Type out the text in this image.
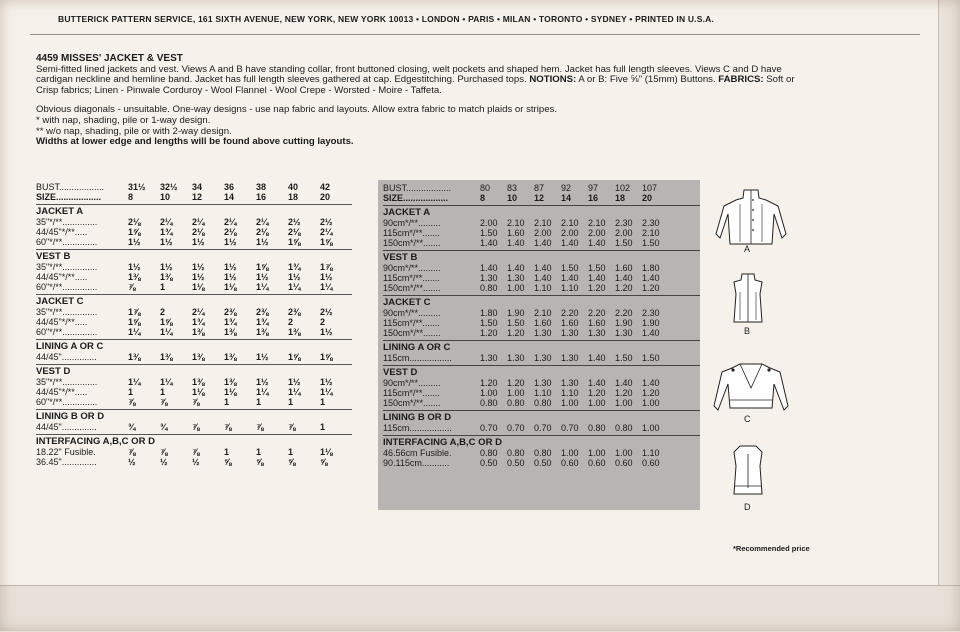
BUTTERICK PATTERN SERVICE, 161 SIXTH AVENUE, NEW YORK, NEW YORK 10013 • LONDON • PARIS • MILAN • TORONTO • SYDNEY • PRINTED IN U.S.A.

4459 MISSES' JACKET & VEST

Semi-fitted lined jackets and vest. Views A and B have standing collar, front buttoned closing, welt pockets and shaped hem. Jacket has full length sleeves. Views C and D have cardigan neckline and hemline band. Jacket has full length sleeves gathered at cap. Edgestitching. Purchased tops. NOTIONS: A or B: Five ⅝" (15mm) Buttons. FABRICS: Soft or Crisp fabrics; Linen - Pinwale Corduroy - Wool Flannel - Wool Crepe - Worsted - Moire - Taffeta.

Obvious diagonals - unsuitable. One-way designs - use nap fabric and layouts. Allow extra fabric to match plaids or stripes.

* with nap, shading, pile or 1-way design.

** w/o nap, shading, pile or with 2-way design.

Widths at lower edge and lengths will be found above cutting layouts.

BUST..................	31½	32½	34	36	38	40	42
SIZE..................	8	10	12	14	16	18	20
JACKET A
35"*/**..............	2⅛	2¼	2¼	2¼	2¼	2½	2½
44/45"*/**.....	1⅝	1¾	2⅛	2⅛	2⅛	2⅛	2¼
60"*/**..............	1½	1½	1½	1½	1½	1⅝	1⅝
VEST B
35"*/**..............	1½	1½	1½	1½	1⅝	1¾	1⅞
44/45"*/**.....	1⅜	1⅜	1½	1½	1½	1½	1½
60"*/**..............	⅞	1	1⅛	1⅛	1¼	1¼	1¼
JACKET C
35"*/**..............	1⅞	2	2¼	2⅜	2⅜	2⅜	2½
44/45"*/**.....	1⅝	1⅝	1¾	1¾	1¾	2	2
60"*/**..............	1¼	1¼	1⅜	1⅜	1⅜	1⅜	1½
LINING A OR C
44/45"..............	1⅜	1⅜	1⅜	1⅜	1½	1⅝	1⅝
VEST D
35"*/**..............	1¼	1¼	1⅜	1⅜	1½	1½	1½
44/45"*/**.....	1	1	1⅛	1⅛	1¼	1¼	1¼
60"*/**..............	⅞	⅞	⅞	1	1	1	1
LINING B OR D
44/45"..............	¾	¾	⅞	⅞	⅞	⅞	1
INTERFACING A,B,C OR D
18.22" Fusible.	⅞	⅞	⅞	1	1	1	1⅛
36.45"..............	½	½	½	⅝	⅝	⅝	⅝
BUST..................	80	83	87	92	97	102	107
SIZE..................	8	10	12	14	16	18	20
JACKET A
90cm*/**.........	2.00	2.10	2.10	2.10	2.10	2.30	2.30
115cm*/**.......	1.50	1.60	2.00	2.00	2.00	2.00	2.10
150cm*/**.......	1.40	1.40	1.40	1.40	1.40	1.50	1.50
VEST B
90cm*/**.........	1.40	1.40	1.40	1.50	1.50	1.60	1.80
115cm*/**.......	1.30	1.30	1.40	1.40	1.40	1.40	1.40
150cm*/**.......	0.80	1.00	1.10	1.10	1.20	1.20	1.20
JACKET C
90cm*/**.........	1.80	1.90	2.10	2.20	2.20	2.20	2.30
115cm*/**.......	1.50	1.50	1.60	1.60	1.60	1.90	1.90
150cm*/**.......	1.20	1.20	1.30	1.30	1.30	1.30	1.40
LINING A OR C
115cm.................	1.30	1.30	1.30	1.30	1.40	1.50	1.50
VEST D
90cm*/**.........	1.20	1.20	1.30	1.30	1.40	1.40	1.40
115cm*/**.......	1.00	1.00	1.10	1.10	1.20	1.20	1.20
150cm*/**.......	0.80	0.80	0.80	1.00	1.00	1.00	1.00
LINING B OR D
115cm.................	0.70	0.70	0.70	0.70	0.80	0.80	1.00
INTERFACING A,B,C OR D
46.56cm Fusible.	0.80	0.80	0.80	1.00	1.00	1.00	1.10
90.115cm...........	0.50	0.50	0.50	0.60	0.60	0.60	0.60
A
B
C
D
*Recommended price
